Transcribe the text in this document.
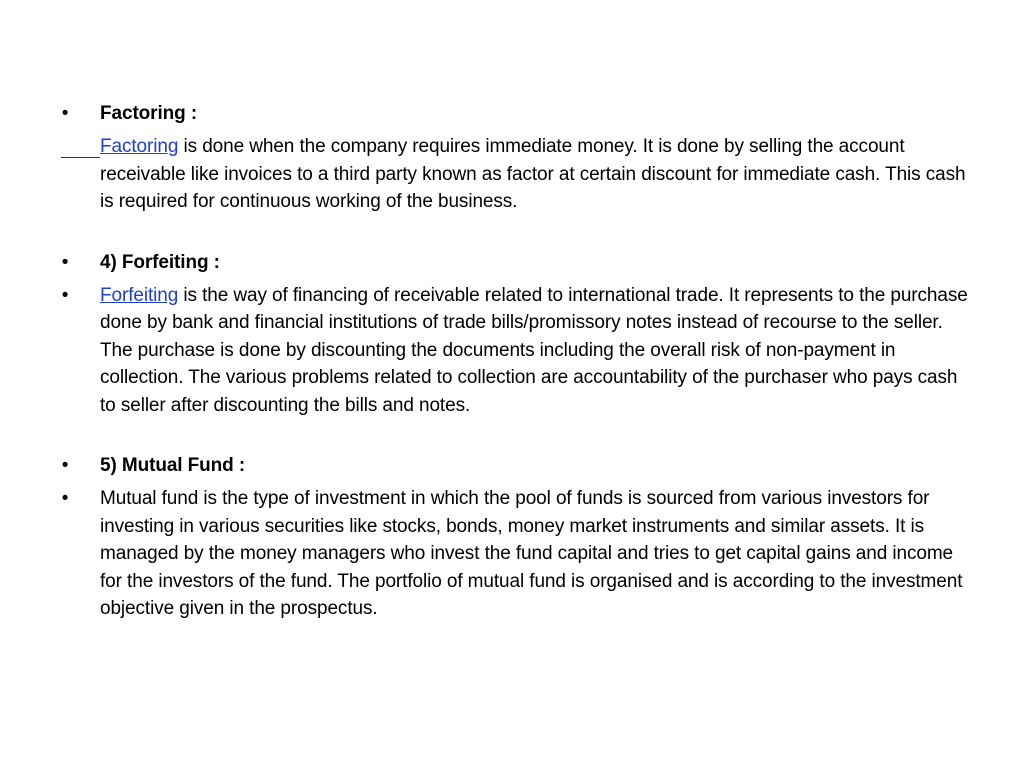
• Factoring :

Factoring is done when the company requires immediate money. It is done by selling the account receivable like invoices to a third party known as factor at certain discount for immediate cash. This cash is required for continuous working of the business.

• 4) Forfeiting :

• Forfeiting is the way of financing of receivable related to international trade. It represents to the purchase done by bank and financial institutions of trade bills/promissory notes instead of recourse to the seller. The purchase is done by discounting the documents including the overall risk of non-payment in collection. The various problems related to collection are accountability of the purchaser who pays cash to seller after discounting the bills and notes.

• 5) Mutual Fund :

• Mutual fund is the type of investment in which the pool of funds is sourced from various investors for investing in various securities like stocks, bonds, money market instruments and similar assets. It is managed by the money managers who invest the fund capital and tries to get capital gains and income for the investors of the fund. The portfolio of mutual fund is organised and is according to the investment objective given in the prospectus.
